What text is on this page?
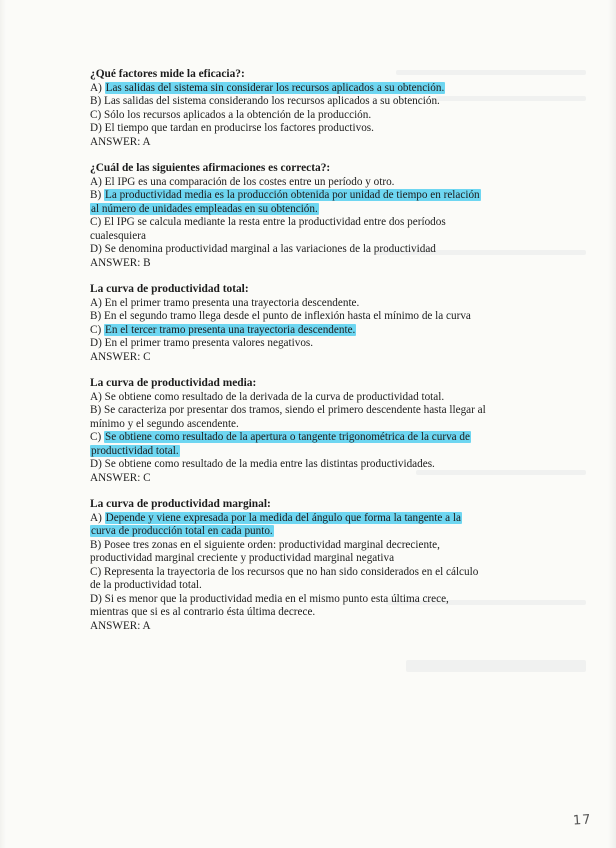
¿Qué factores mide la eficacia?:

A) Las salidas del sistema sin considerar los recursos aplicados a su obtención.

B) Las salidas del sistema considerando los recursos aplicados a su obtención.

C) Sólo los recursos aplicados a la obtención de la producción.

D) El tiempo que tardan en producirse los factores productivos.

ANSWER: A

¿Cuál de las siguientes afirmaciones es correcta?:

A) El IPG es una comparación de los costes entre un período y otro.

B) La productividad media es la producción obtenida por unidad de tiempo en relación

al número de unidades empleadas en su obtención.

C) El IPG se calcula mediante la resta entre la productividad entre dos períodos

cualesquiera

D) Se denomina productividad marginal a las variaciones de la productividad

ANSWER: B

La curva de productividad total:

A) En el primer tramo presenta una trayectoria descendente.

B) En el segundo tramo llega desde el punto de inflexión hasta el mínimo de la curva

C) En el tercer tramo presenta una trayectoria descendente.

D) En el primer tramo presenta valores negativos.

ANSWER: C

La curva de productividad media:

A) Se obtiene como resultado de la derivada de la curva de productividad total.

B) Se caracteriza por presentar dos tramos, siendo el primero descendente hasta llegar al

mínimo y el segundo ascendente.

C) Se obtiene como resultado de la apertura o tangente trigonométrica de la curva de

productividad total.

D) Se obtiene como resultado de la media entre las distintas productividades.

ANSWER: C

La curva de productividad marginal:

A) Depende y viene expresada por la medida del ángulo que forma la tangente a la

curva de producción total en cada punto.

B) Posee tres zonas en el siguiente orden: productividad marginal decreciente,

productividad marginal creciente y productividad marginal negativa

C) Representa la trayectoria de los recursos que no han sido considerados en el cálculo

de la productividad total.

D) Si es menor que la productividad media en el mismo punto esta última crece,

mientras que si es al contrario ésta última decrece.

ANSWER: A

17
